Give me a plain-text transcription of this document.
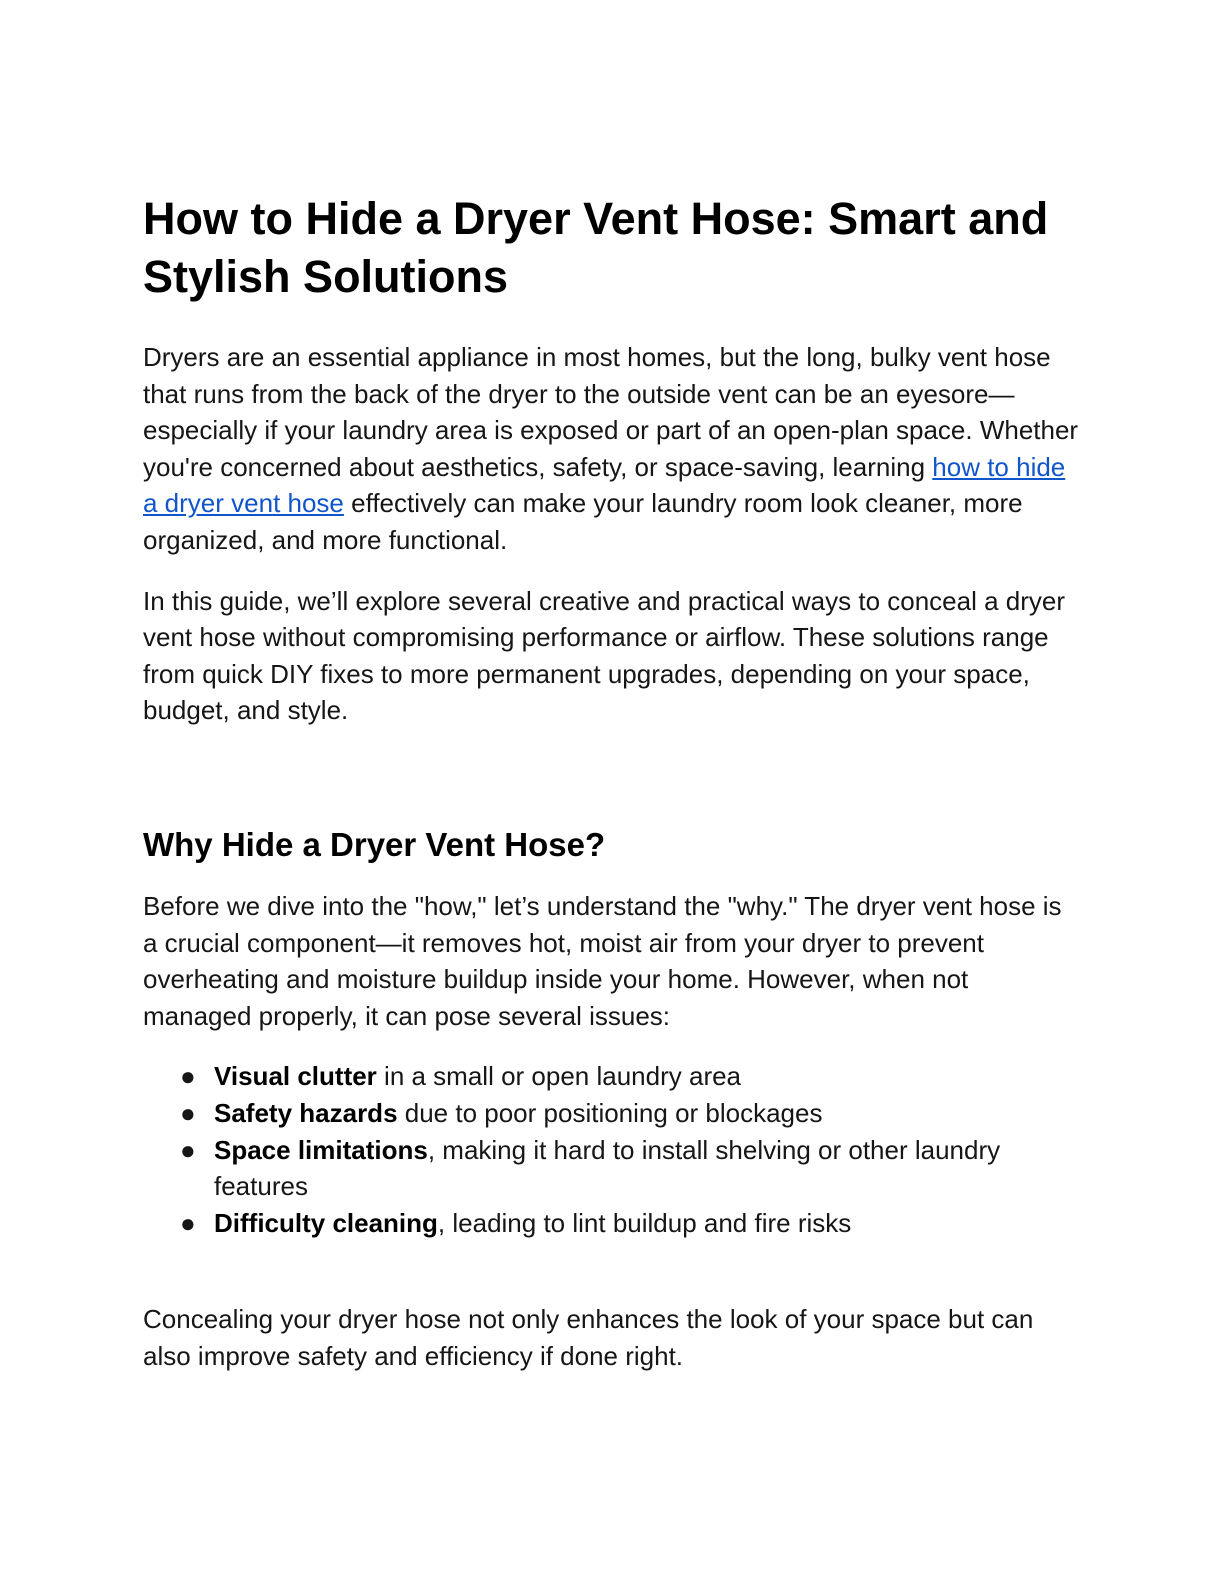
How to Hide a Dryer Vent Hose: Smart and Stylish Solutions

Dryers are an essential appliance in most homes, but the long, bulky vent hose that runs from the back of the dryer to the outside vent can be an eyesore—especially if your laundry area is exposed or part of an open-plan space. Whether you're concerned about aesthetics, safety, or space-saving, learning how to hide a dryer vent hose effectively can make your laundry room look cleaner, more organized, and more functional.

In this guide, we’ll explore several creative and practical ways to conceal a dryer vent hose without compromising performance or airflow. These solutions range from quick DIY fixes to more permanent upgrades, depending on your space, budget, and style.

Why Hide a Dryer Vent Hose?

Before we dive into the "how," let’s understand the "why." The dryer vent hose is a crucial component—it removes hot, moist air from your dryer to prevent overheating and moisture buildup inside your home. However, when not managed properly, it can pose several issues:

● Visual clutter in a small or open laundry area
● Safety hazards due to poor positioning or blockages
● Space limitations, making it hard to install shelving or other laundry features
● Difficulty cleaning, leading to lint buildup and fire risks

Concealing your dryer hose not only enhances the look of your space but can also improve safety and efficiency if done right.
